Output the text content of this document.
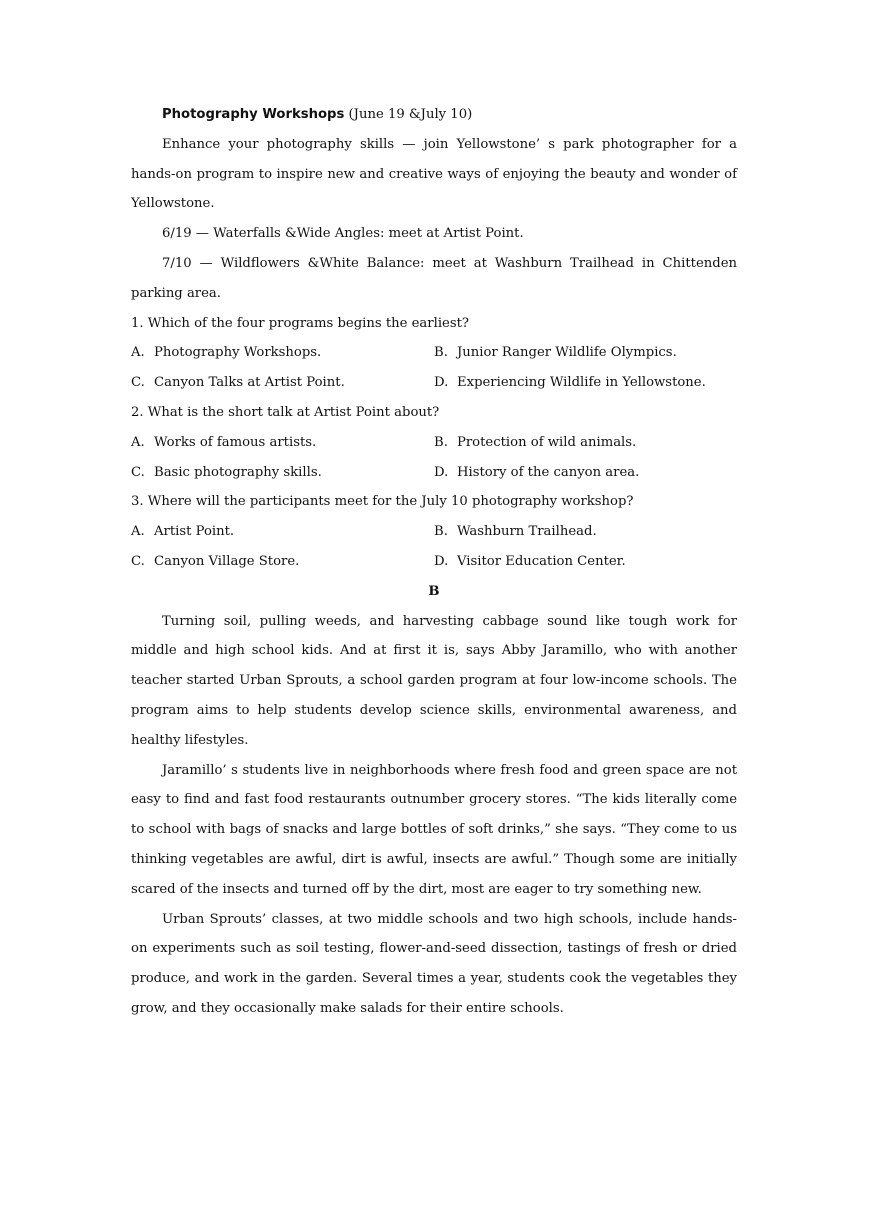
Photography Workshops (June 19 &July 10)

Enhance your photography skills — join Yellowstone’ s park photographer for a hands-on program to inspire new and creative ways of enjoying the beauty and wonder of Yellowstone.

6/19 — Waterfalls &Wide Angles: meet at Artist Point.

7/10 — Wildflowers &White Balance: meet at Washburn Trailhead in Chittenden parking area.

1. Which of the four programs begins the earliest?

A. Photography Workshops.	B. Junior Ranger Wildlife Olympics.
C. Canyon Talks at Artist Point.	D. Experiencing Wildlife in Yellowstone.

2. What is the short talk at Artist Point about?

A. Works of famous artists.	B. Protection of wild animals.
C. Basic photography skills.	D. History of the canyon area.

3. Where will the participants meet for the July 10 photography workshop?

A. Artist Point.	B. Washburn Trailhead.
C. Canyon Village Store.	D. Visitor Education Center.

B

Turning soil, pulling weeds, and harvesting cabbage sound like tough work for middle and high school kids. And at first it is, says Abby Jaramillo, who with another teacher started Urban Sprouts, a school garden program at four low-income schools. The program aims to help students develop science skills, environmental awareness, and healthy lifestyles.

Jaramillo’ s students live in neighborhoods where fresh food and green space are not easy to find and fast food restaurants outnumber grocery stores. “The kids literally come to school with bags of snacks and large bottles of soft drinks,” she says. “They come to us thinking vegetables are awful, dirt is awful, insects are awful.” Though some are initially scared of the insects and turned off by the dirt, most are eager to try something new.

Urban Sprouts’ classes, at two middle schools and two high schools, include hands-on experiments such as soil testing, flower-and-seed dissection, tastings of fresh or dried produce, and work in the garden. Several times a year, students cook the vegetables they grow, and they occasionally make salads for their entire schools.
